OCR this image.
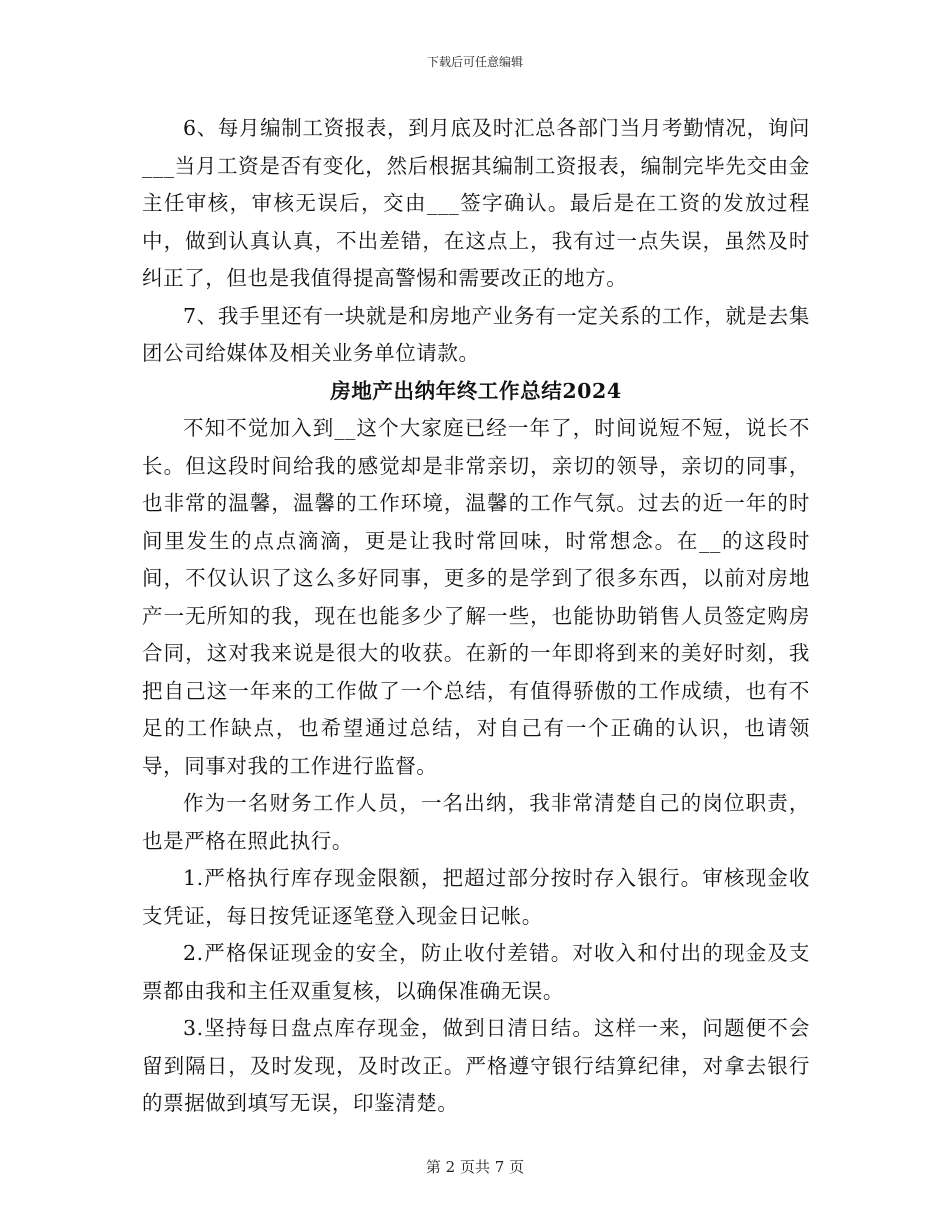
下载后可任意编辑

6、每月编制工资报表，到月底及时汇总各部门当月考勤情况，询问___当月工资是否有变化，然后根据其编制工资报表，编制完毕先交由金主任审核，审核无误后，交由___签字确认。最后是在工资的发放过程中，做到认真认真，不出差错，在这点上，我有过一点失误，虽然及时纠正了，但也是我值得提高警惕和需要改正的地方。

7、我手里还有一块就是和房地产业务有一定关系的工作，就是去集团公司给媒体及相关业务单位请款。

房地产出纳年终工作总结2024

不知不觉加入到__这个大家庭已经一年了，时间说短不短，说长不长。但这段时间给我的感觉却是非常亲切，亲切的领导，亲切的同事，也非常的温馨，温馨的工作环境，温馨的工作气氛。过去的近一年的时间里发生的点点滴滴，更是让我时常回味，时常想念。在__的这段时间，不仅认识了这么多好同事，更多的是学到了很多东西，以前对房地产一无所知的我，现在也能多少了解一些，也能协助销售人员签定购房合同，这对我来说是很大的收获。在新的一年即将到来的美好时刻，我把自己这一年来的工作做了一个总结，有值得骄傲的工作成绩，也有不足的工作缺点，也希望通过总结，对自己有一个正确的认识，也请领导，同事对我的工作进行监督。

作为一名财务工作人员，一名出纳，我非常清楚自己的岗位职责，也是严格在照此执行。

1.严格执行库存现金限额，把超过部分按时存入银行。审核现金收支凭证，每日按凭证逐笔登入现金日记帐。

2.严格保证现金的安全，防止收付差错。对收入和付出的现金及支票都由我和主任双重复核，以确保准确无误。

3.坚持每日盘点库存现金，做到日清日结。这样一来，问题便不会留到隔日，及时发现，及时改正。严格遵守银行结算纪律，对拿去银行的票据做到填写无误，印鉴清楚。

第 2 页共 7 页
